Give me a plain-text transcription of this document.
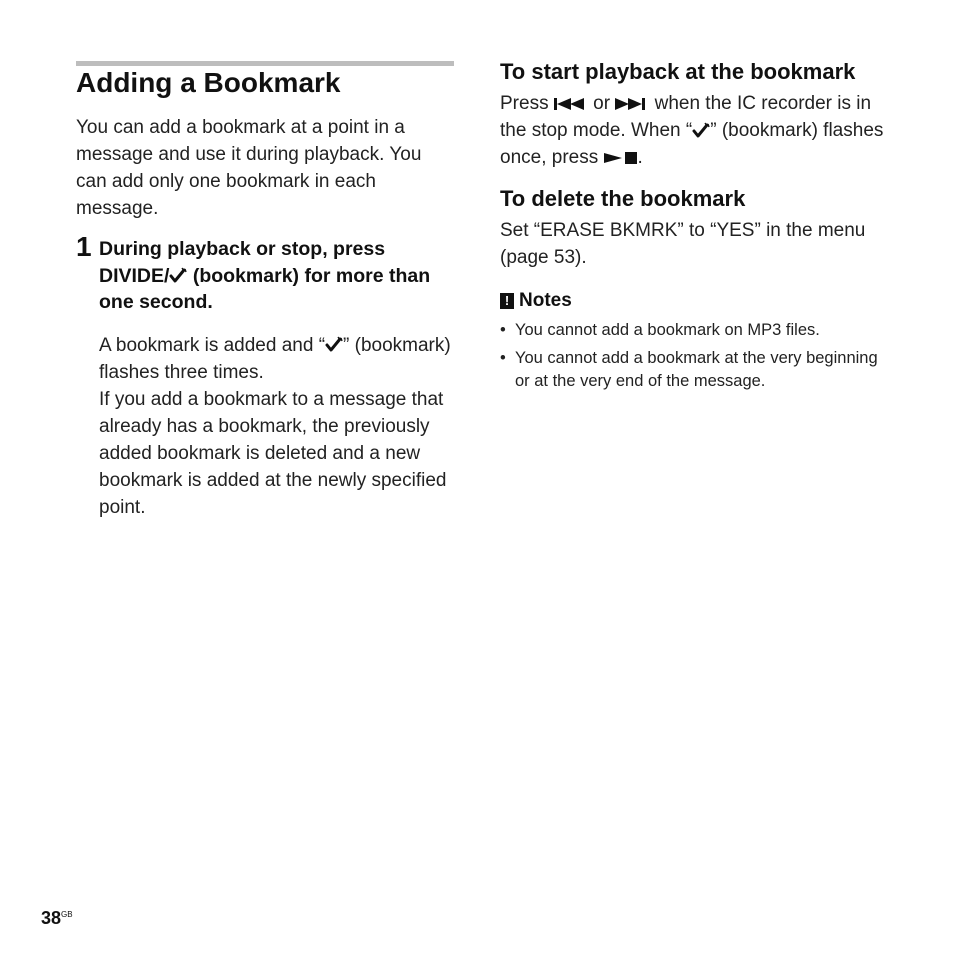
Adding a Bookmark

You can add a bookmark at a point in a message and use it during playback. You can add only one bookmark in each message.

1 During playback or stop, press DIVIDE/
(bookmark) for more than one second.

A bookmark is added and “ ” (bookmark) flashes three times.
If you add a bookmark to a message that already has a bookmark, the previously added bookmark is deleted and a new bookmark is added at the newly specified point.

To start playback at the bookmark

Press
or
when the IC recorder is in the stop mode. When “ ” (bookmark) flashes once, press
.

To delete the bookmark

Set “ERASE BKMRK” to “YES” in the menu (page 53).

! Notes
• You cannot add a bookmark on MP3 files.
• You cannot add a bookmark at the very beginning or at the very end of the message.
$38^{GB}$
